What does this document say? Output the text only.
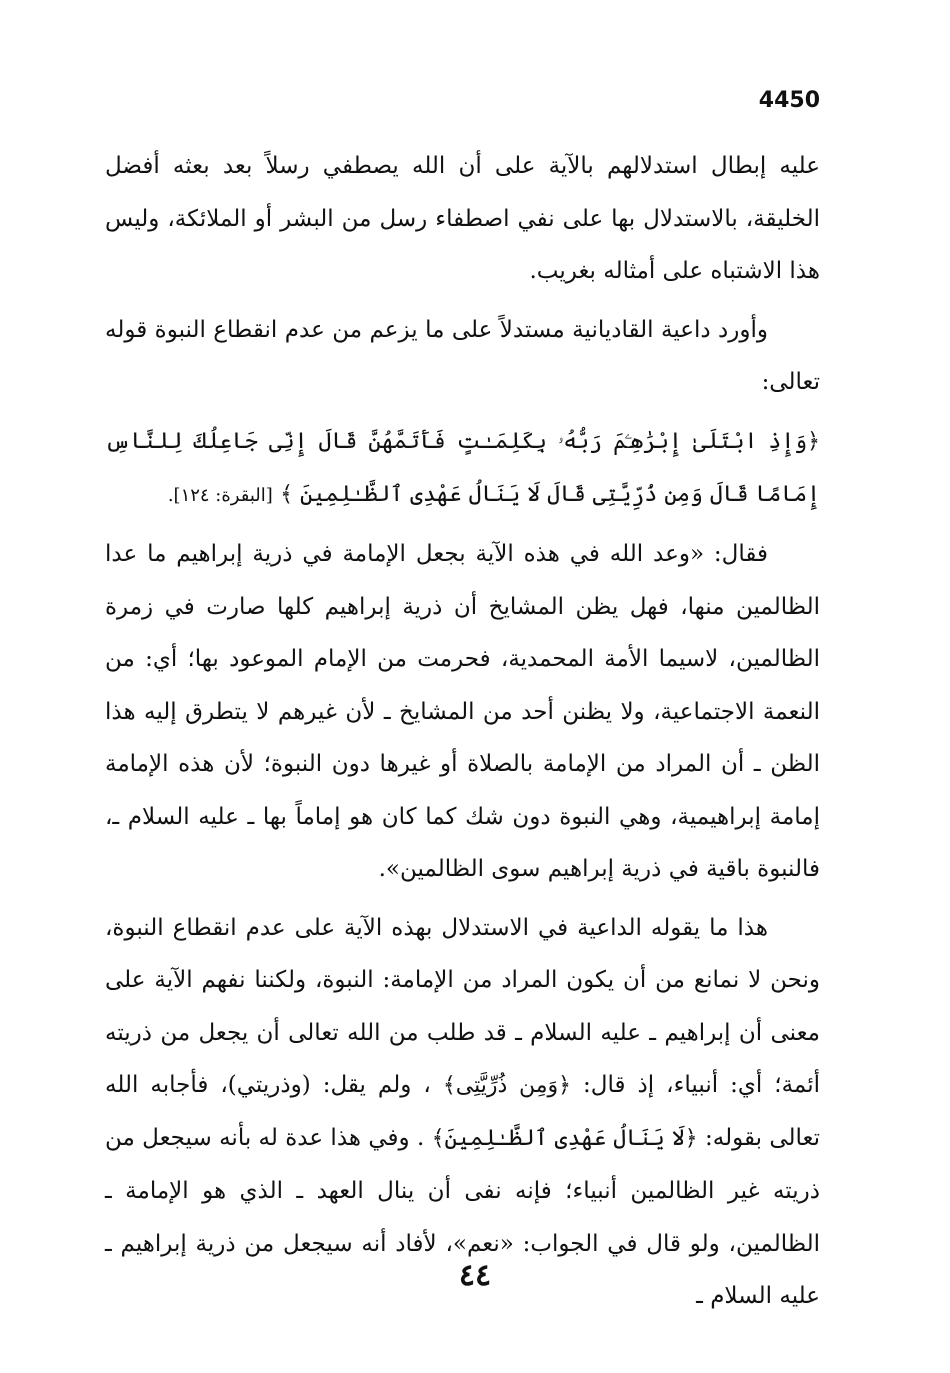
4450

عليه إبطال استدلالهم بالآية على أن الله يصطفي رسلاً بعد بعثه أفضل الخليقة، بالاستدلال بها على نفي اصطفاء رسل من البشر أو الملائكة، وليس هذا الاشتباه على أمثاله بغريب.

وأورد داعية القاديانية مستدلاً على ما يزعم من عدم انقطاع النبوة قوله تعالى:

﴿وَإِذِ ابْتَلَىٰ إِبْرَٰهِـۧمَ رَبُّهُۥ بِكَلِمَـٰتٍ فَأَتَمَّهُنَّ قَالَ إِنِّى جَاعِلُكَ لِلنَّاسِ إِمَامًا قَالَ وَمِن ذُرِّيَّتِى قَالَ لَا يَنَالُ عَهْدِى ٱلظَّـٰلِمِينَ ﴾ [البقرة: ١٢٤].

فقال: «وعد الله في هذه الآية بجعل الإمامة في ذرية إبراهيم ما عدا الظالمين منها، فهل يظن المشايخ أن ذرية إبراهيم كلها صارت في زمرة الظالمين، لاسيما الأمة المحمدية، فحرمت من الإمام الموعود بها؛ أي: من النعمة الاجتماعية، ولا يظنن أحد من المشايخ ـ لأن غيرهم لا يتطرق إليه هذا الظن ـ أن المراد من الإمامة بالصلاة أو غيرها دون النبوة؛ لأن هذه الإمامة إمامة إبراهيمية، وهي النبوة دون شك كما كان هو إماماً بها ـ عليه السلام ـ، فالنبوة باقية في ذرية إبراهيم سوى الظالمين».

هذا ما يقوله الداعية في الاستدلال بهذه الآية على عدم انقطاع النبوة، ونحن لا نمانع من أن يكون المراد من الإمامة: النبوة، ولكننا نفهم الآية على معنى أن إبراهيم ـ عليه السلام ـ قد طلب من الله تعالى أن يجعل من ذريته أئمة؛ أي: أنبياء، إذ قال: ﴿وَمِن ذُرِّيَّتِى﴾ ، ولم يقل: (وذريتي)، فأجابه الله تعالى بقوله: ﴿لَا يَنَالُ عَهْدِى ٱلظَّـٰلِمِينَ﴾ . وفي هذا عدة له بأنه سيجعل من ذريته غير الظالمين أنبياء؛ فإنه نفى أن ينال العهد ـ الذي هو الإمامة ـ الظالمين، ولو قال في الجواب: «نعم»، لأفاد أنه سيجعل من ذرية إبراهيم ـ عليه السلام ـ

٤٤
